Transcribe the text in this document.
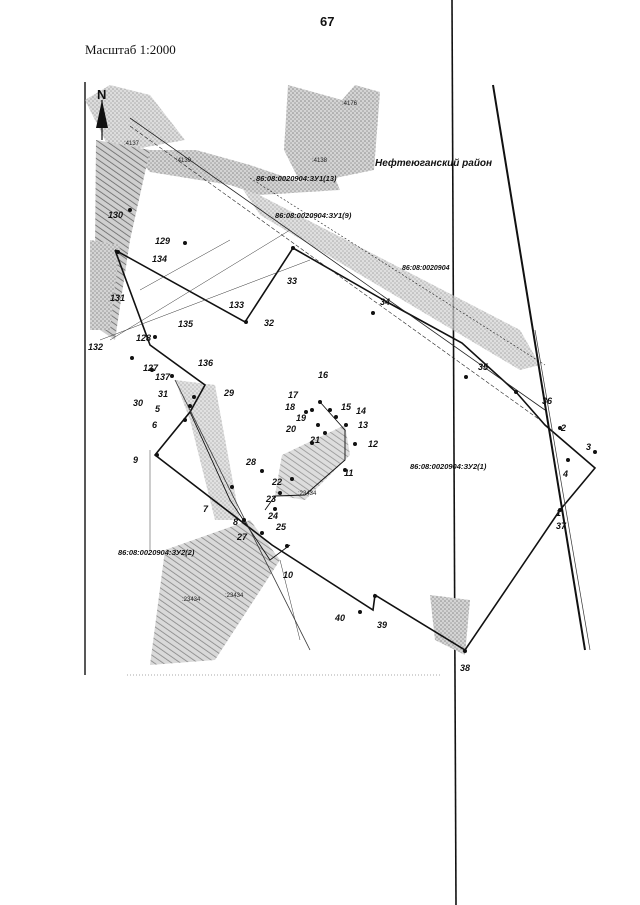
67
Масштаб 1:2000
:4176
:4137
:4139	:4138
:23434
:23434
:23434
Нефтеюганский район
86:08:0020904:ЗУ1(13)
86:08:0020904:ЗУ1(9)
86:08:0020904
86:08:0020904:ЗУ2(1)
86:08:0020904:ЗУ2(2)
N
1
2
3
4
5
6
7
8
9
10
11
12
13
14
15
16
17
18
19
20
21
22
23
24
25
27
28
29
30
31
32
33
34
35
36
37
38
39
40
127
128
129
130
131
132
133
134
135
136
137
